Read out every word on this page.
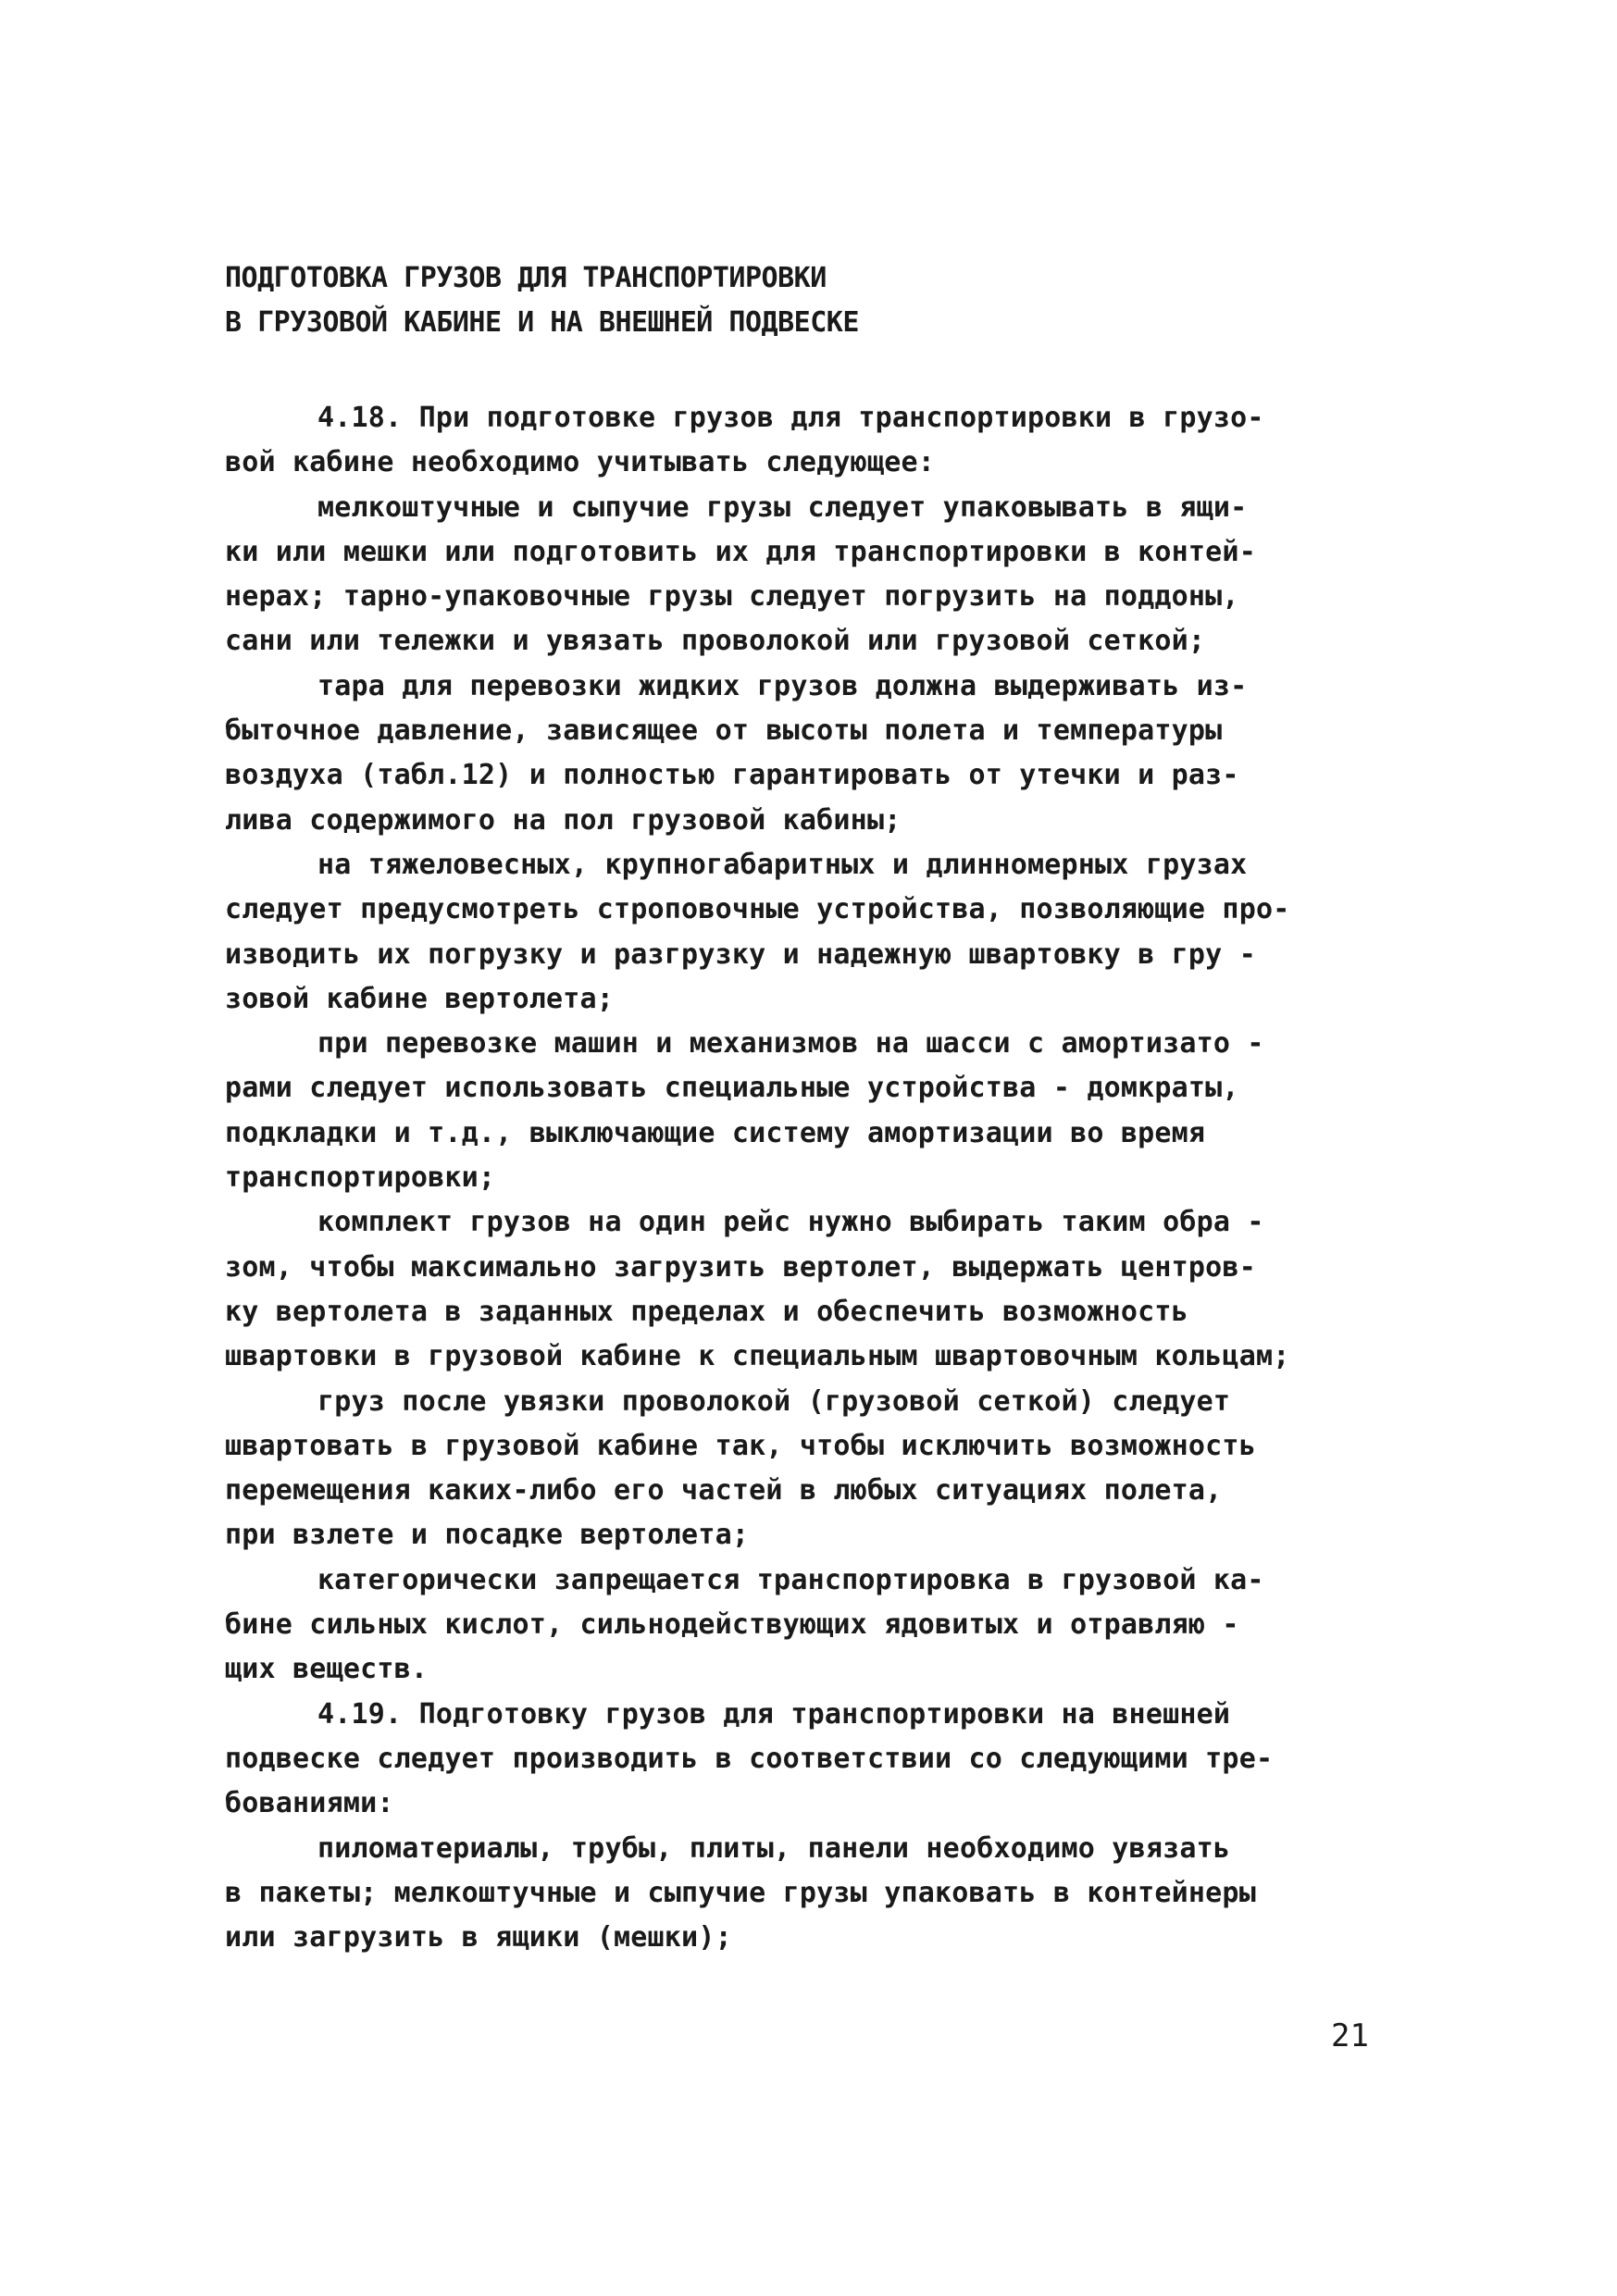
ПОДГОТОВКА ГРУЗОВ ДЛЯ ТРАНСПОРТИРОВКИ
В ГРУЗОВОЙ КАБИНЕ И НА ВНЕШНЕЙ ПОДВЕСКЕ
4.18. При подготовке грузов для транспортировки в грузо-
вой кабине необходимо учитывать следующее:
мелкоштучные и сыпучие грузы следует упаковывать в ящи-
ки или мешки или подготовить их для транспортировки в контей-
нерах; тарно-упаковочные грузы следует погрузить на поддоны,
сани или тележки и увязать проволокой или грузовой сеткой;
тара для перевозки жидких грузов должна выдерживать из-
быточное давление, зависящее от высоты полета и температуры
воздуха (табл.12) и полностью гарантировать от утечки и раз-
лива содержимого на пол грузовой кабины;
на тяжеловесных, крупногабаритных и длинномерных грузах
следует предусмотреть строповочные устройства, позволяющие про-
изводить их погрузку и разгрузку и надежную швартовку в гру -
зовой кабине вертолета;
при перевозке машин и механизмов на шасси с амортизато -
рами следует использовать специальные устройства - домкраты,
подкладки и т.д., выключающие систему амортизации во время
транспортировки;
комплект грузов на один рейс нужно выбирать таким обра -
зом, чтобы максимально загрузить вертолет, выдержать центров-
ку вертолета в заданных пределах и обеспечить возможность
швартовки в грузовой кабине к специальным швартовочным кольцам;
груз после увязки проволокой (грузовой сеткой) следует
швартовать в грузовой кабине так, чтобы исключить возможность
перемещения каких-либо его частей в любых ситуациях полета,
при взлете и посадке вертолета;
категорически запрещается транспортировка в грузовой ка-
бине сильных кислот, сильнодействующих ядовитых и отравляю -
щих веществ.
4.19. Подготовку грузов для транспортировки на внешней
подвеске следует производить в соответствии со следующими тре-
бованиями:
пиломатериалы, трубы, плиты, панели необходимо увязать
в пакеты; мелкоштучные и сыпучие грузы упаковать в контейнеры
или загрузить в ящики (мешки);
21
